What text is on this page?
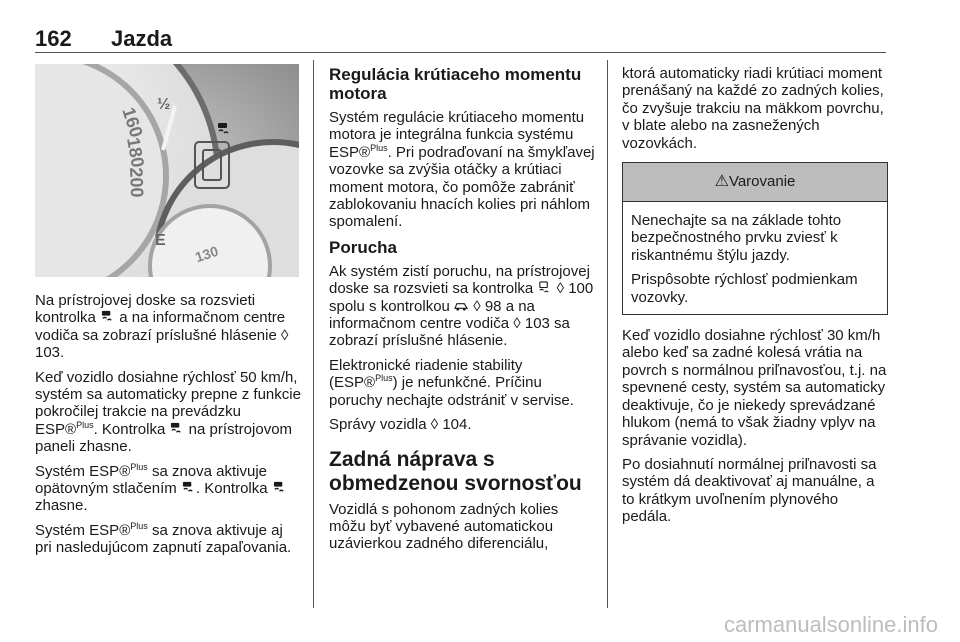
162 Jazda
160
180
200
130
½
E

Na prístrojovej doske sa rozsvieti kontrolka a na informačnom centre vodiča sa zobrazí príslušné hlásenie ◊ 103.

Keď vozidlo dosiahne rýchlosť 50 km/h, systém sa automaticky prepne z funkcie pokročilej trakcie na prevádzku ESP®$^{Plus}$. Kontrolka na prístrojovom paneli zhasne.

Systém ESP®$^{Plus}$ sa znova aktivuje opätovným stlačením . Kontrolka  zhasne.

Systém ESP®$^{Plus}$ sa znova aktivuje aj pri nasledujúcom zapnutí zapaľovania.

Regulácia krútiaceho momentu motora

Systém regulácie krútiaceho momentu motora je integrálna funkcia systému ESP®$^{Plus}$. Pri podraďovaní na šmykľavej vozovke sa zvýšia otáčky a krútiaci moment motora, čo pomôže zabrániť zablokovaniu hnacích kolies pri náhlom spomalení.

Porucha

Ak systém zistí poruchu, na prístrojovej doske sa rozsvieti sa kontrolka ◊ 100 spolu s kontrolkou ◊ 98 a na informačnom centre vodiča ◊ 103 sa zobrazí príslušné hlásenie.

Elektronické riadenie stability (ESP®$^{Plus}$) je nefunkčné. Príčinu poruchy nechajte odstrániť v servise.

Správy vozidla ◊ 104.

Zadná náprava s obmedzenou svornosťou

Vozidlá s pohonom zadných kolies môžu byť vybavené automatickou uzávierkou zadného diferenciálu,

ktorá automaticky riadi krútiaci moment prenášaný na každé zo zadných kolies, čo zvyšuje trakciu na mäkkom povrchu, v blate alebo na zasnežených vozovkách.

⚠Varovanie

Nenechajte sa na základe tohto bezpečnostného prvku zviesť k riskantnému štýlu jazdy.

Prispôsobte rýchlosť podmienkam vozovky.

Keď vozidlo dosiahne rýchlosť 30 km/h alebo keď sa zadné kolesá vrátia na povrch s normálnou priľnavosťou, t.j. na spevnené cesty, systém sa automaticky deaktivuje, čo je niekedy sprevádzané hlukom (nemá to však žiadny vplyv na správanie vozidla).

Po dosiahnutí normálnej priľnavosti sa systém dá deaktivovať aj manuálne, a to krátkym uvoľnením plynového pedála.

carmanualsonline.info
